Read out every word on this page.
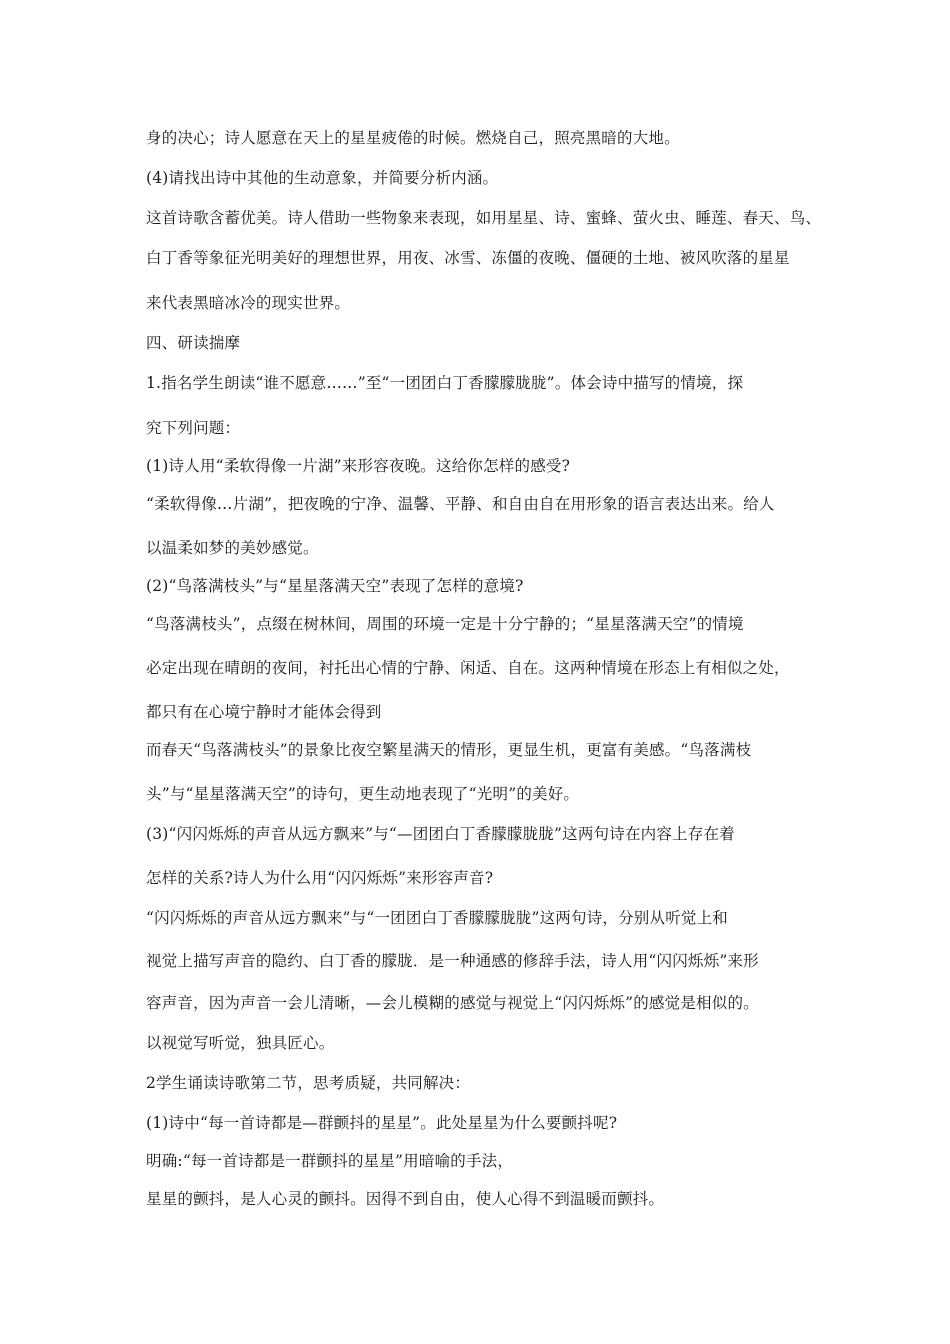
身的决心；诗人愿意在天上的星星疲倦的时候。燃烧自己，照亮黑暗的大地。
(4)请找出诗中其他的生动意象，并简要分析内涵。
这首诗歌含蓄优美。诗人借助一些物象来表现，如用星星、诗、蜜蜂、萤火虫、睡莲、春天、鸟、
白丁香等象征光明美好的理想世界，用夜、冰雪、冻僵的夜晚、僵硬的土地、被风吹落的星星
来代表黑暗冰冷的现实世界。
四、研读揣摩
1.指名学生朗读“谁不愿意……”至“一团团白丁香朦朦胧胧”。体会诗中描写的情境，探
究下列问题：
(1)诗人用“柔软得像一片湖”来形容夜晚。这给你怎样的感受?
“柔软得像…片湖”，把夜晚的宁净、温馨、平静、和自由自在用形象的语言表达出来。给人
以温柔如梦的美妙感觉。
(2)“鸟落满枝头”与“星星落满天空”表现了怎样的意境?
“鸟落满枝头”，点缀在树林间，周围的环境一定是十分宁静的；“星星落满天空”的情境
必定出现在晴朗的夜间，衬托出心情的宁静、闲适、自在。这两种情境在形态上有相似之处，
都只有在心境宁静时才能体会得到
而春天“鸟落满枝头”的景象比夜空繁星满天的情形，更显生机，更富有美感。“鸟落满枝
头”与“星星落满天空”的诗句，更生动地表现了“光明”的美好。
(3)“闪闪烁烁的声音从远方飘来”与“—团团白丁香朦朦胧胧”这两句诗在内容上存在着
怎样的关系?诗人为什么用“闪闪烁烁”来形容声音?
“闪闪烁烁的声音从远方飘来”与“一团团白丁香朦朦胧胧”这两句诗，分别从听觉上和
视觉上描写声音的隐约、白丁香的朦胧．是一种通感的修辞手法，诗人用“闪闪烁烁”来形
容声音，因为声音一会儿清晰，—会儿模糊的感觉与视觉上“闪闪烁烁”的感觉是相似的。
以视觉写听觉，独具匠心。
2学生诵读诗歌第二节，思考质疑，共同解决：
(1)诗中“每一首诗都是—群颤抖的星星”。此处星星为什么要颤抖呢?
明确:“每一首诗都是一群颤抖的星星”用暗喻的手法，
星星的颤抖，是人心灵的颤抖。因得不到自由，使人心得不到温暖而颤抖。
